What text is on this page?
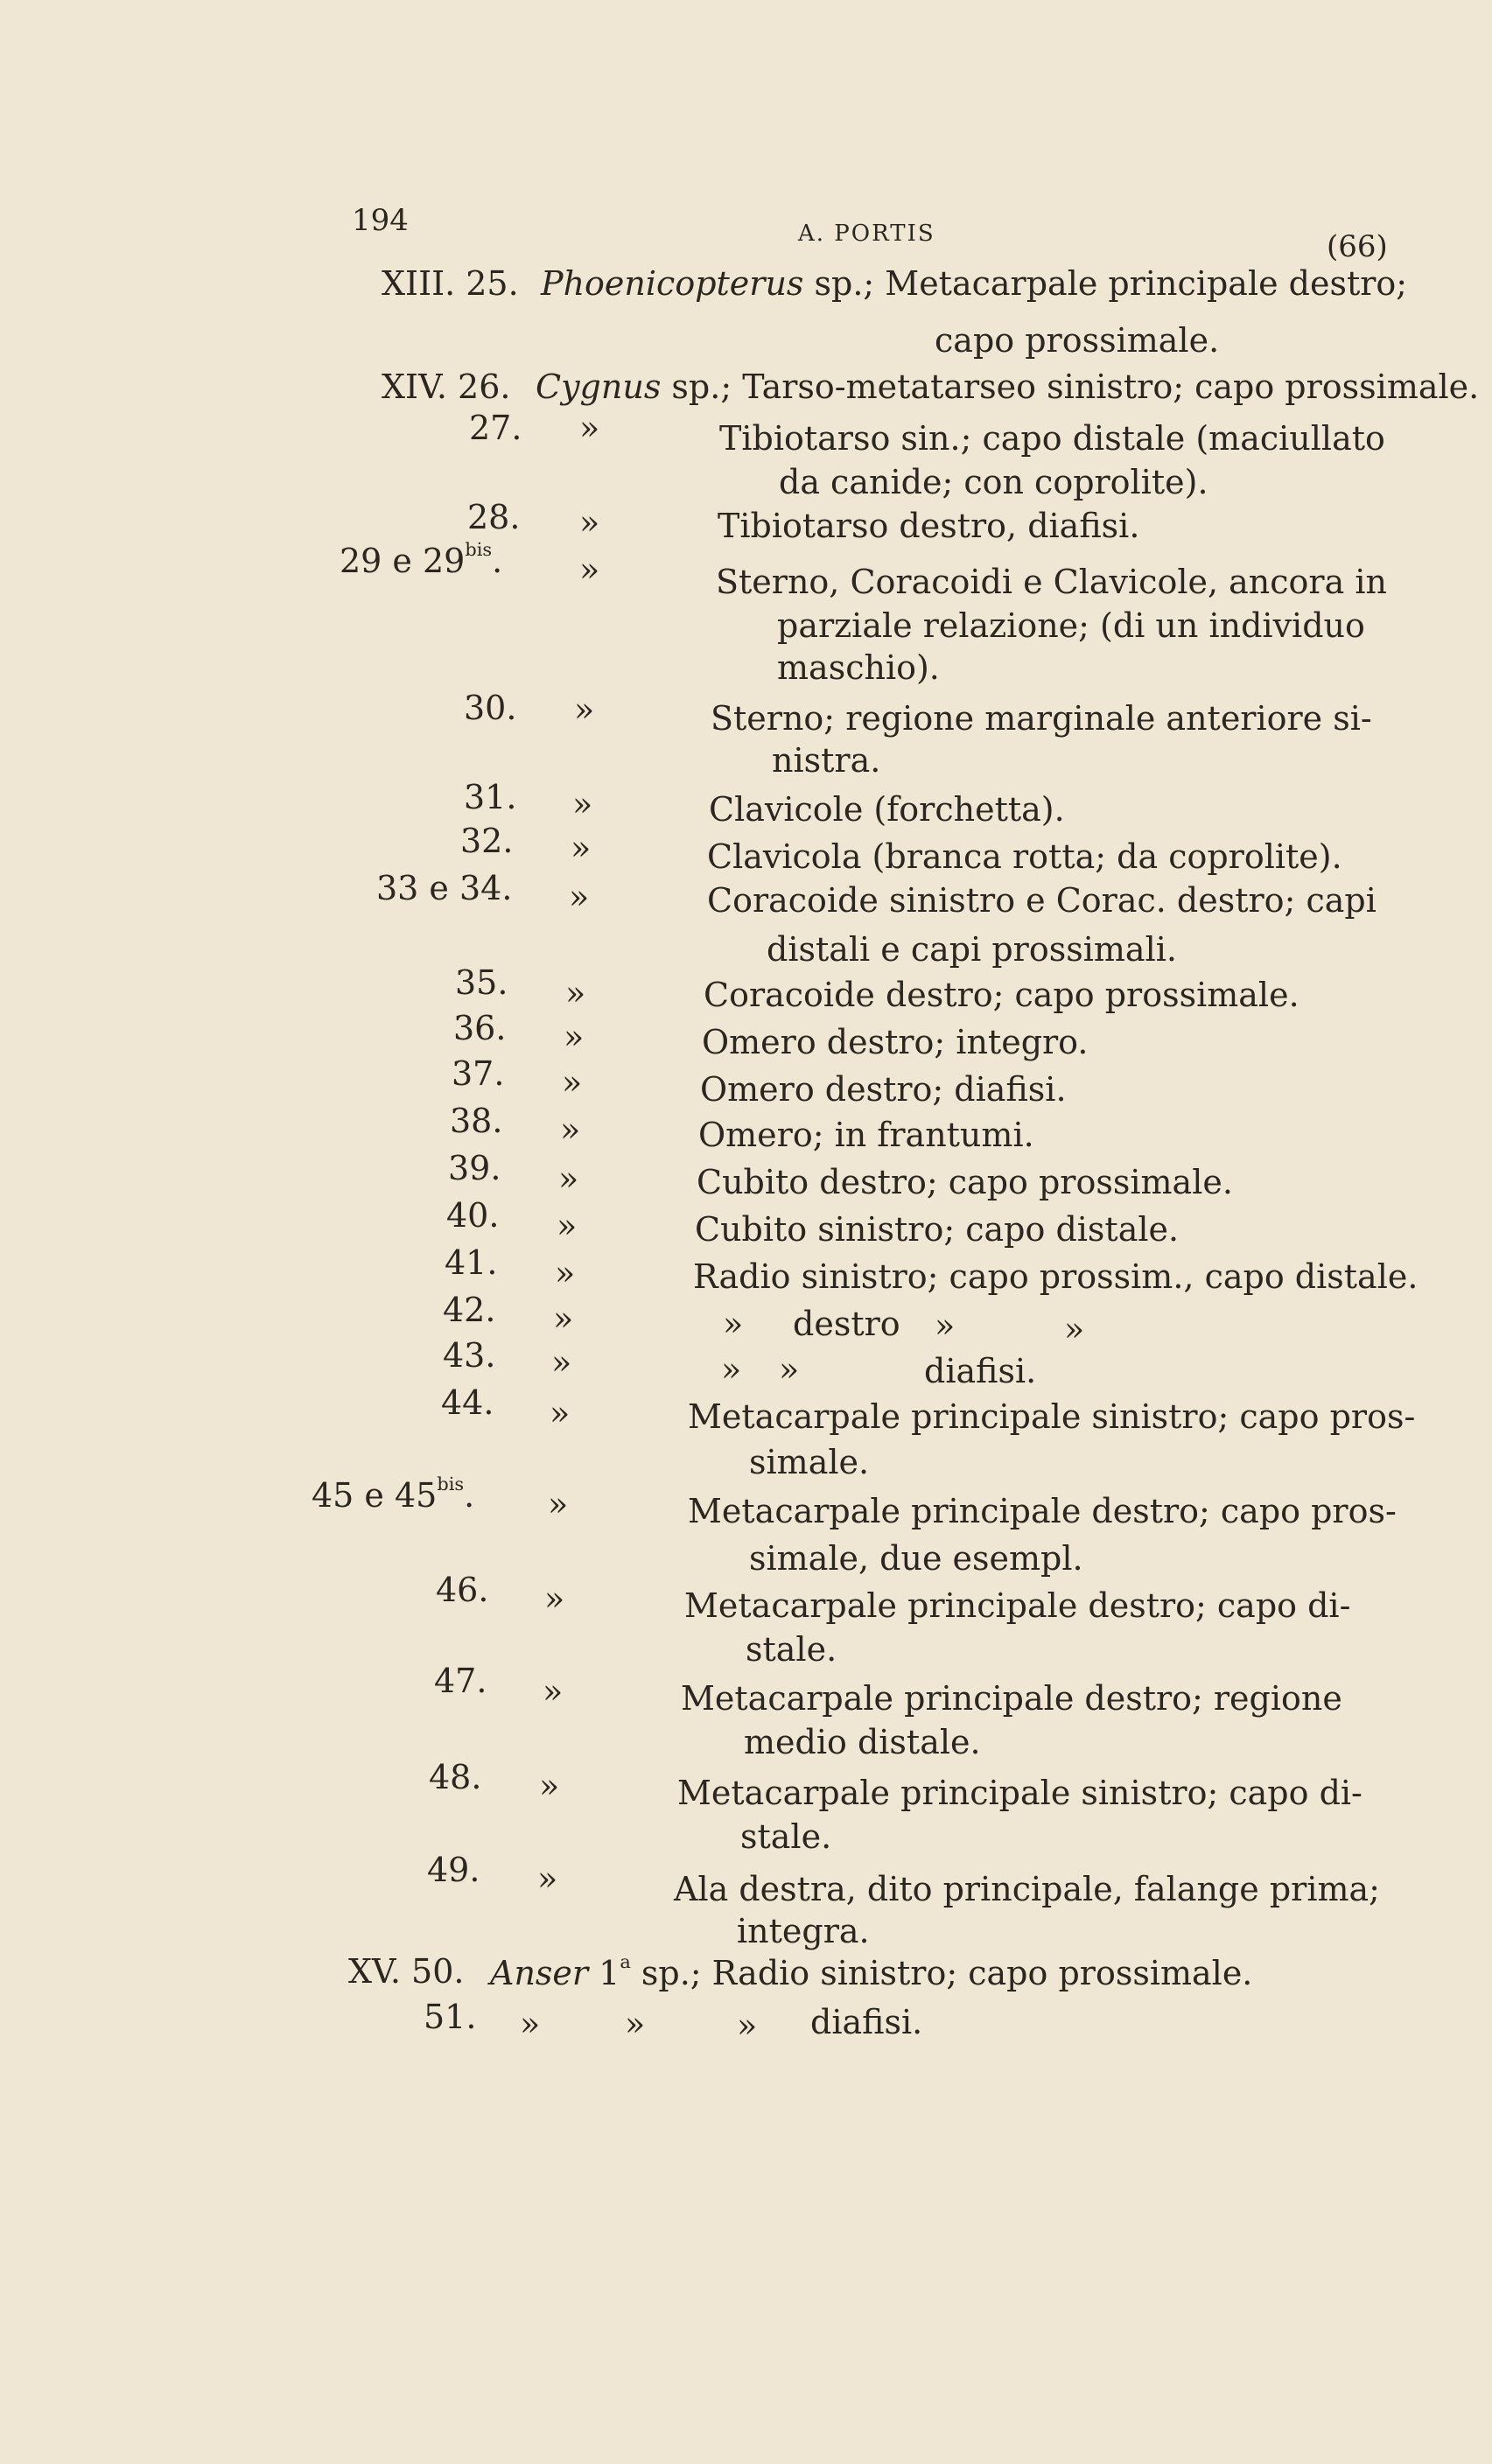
194	A. PORTIS	(66)
XIII. 25. Phoenicopterus sp.; Metacarpale principale destro;
capo prossimale.
XIV. 26. Cygnus sp.; Tarso-metatarseo sinistro; capo prossimale.
27. »	Tibiotarso sin.; capo distale (maciullato
da canide; con coprolite).
28. »	Tibiotarso destro, diafisi.
29 e $29^{bis}$. »	Sterno, Coracoidi e Clavicole, ancora in
parziale relazione; (di un individuo
maschio).
30. »	Sterno; regione marginale anteriore si-
nistra.
31. »	Clavicole (forchetta).
32. »	Clavicola (branca rotta; da coprolite).
33 e 34. »	Coracoide sinistro e Corac. destro; capi
distali e capi prossimali.
35. »	Coracoide destro; capo prossimale.
36. »	Omero destro; integro.
37. »	Omero destro; diafisi.
38. »	Omero; in frantumi.
39. »	Cubito destro; capo prossimale.
40. »	Cubito sinistro; capo distale.
41. »	Radio sinistro; capo prossim., capo distale.
42. »	» destro »	»
43. »	» »	diafisi.
44. »	Metacarpale principale sinistro; capo pros-
simale.
45 e $45^{bis}$. »	Metacarpale principale destro; capo pros-
simale, due esempl.
46. »	Metacarpale principale destro; capo di-
stale.
47. »	Metacarpale principale destro; regione
medio distale.
48. »	Metacarpale principale sinistro; capo di-
stale.
49. »	Ala destra, dito principale, falange prima;
integra.
XV. 50. Anser 1$^a$ sp.; Radio sinistro; capo prossimale.
51. »	»	» diafisi.
